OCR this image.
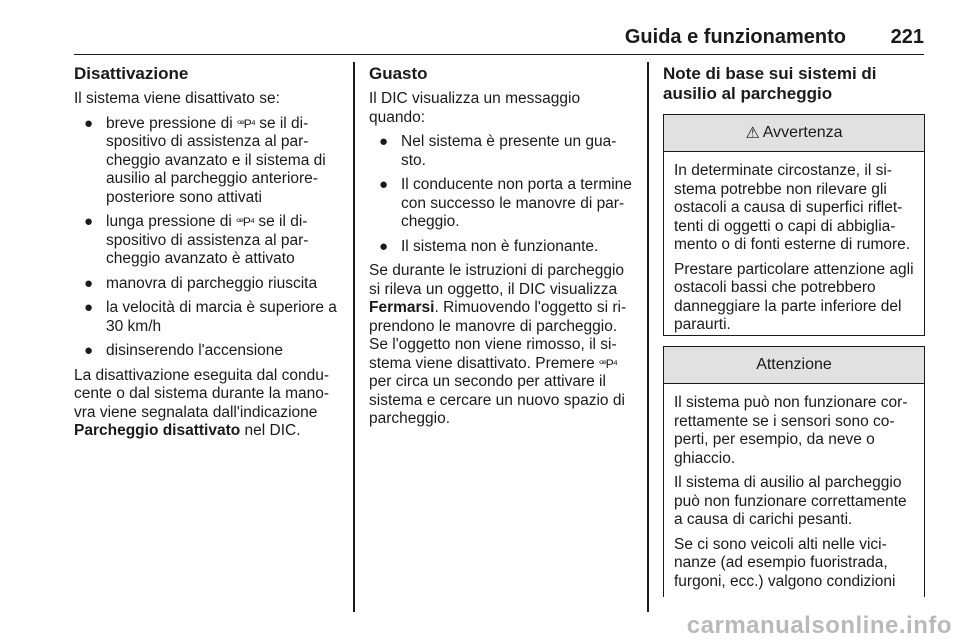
Guida e funzionamento 221
Disattivazione

Il sistema viene disattivato se:

● breve pressione di ꟹP⁴ se il di-spositivo di assistenza al par-cheggio avanzato e il sistema di ausilio al parcheggio anteriore-posteriore sono attivati
● lunga pressione di ꟹP⁴ se il di-spositivo di assistenza al par-cheggio avanzato è attivato
● manovra di parcheggio riuscita
● la velocità di marcia è superiore a 30 km/h
● disinserendo l'accensione

La disattivazione eseguita dal condu-cente o dal sistema durante la mano-vra viene segnalata dall'indicazione Parcheggio disattivato nel DIC.

Guasto

Il DIC visualizza un messaggio quando:

● Nel sistema è presente un gua-sto.
● Il conducente non porta a termine con successo le manovre di par-cheggio.
● Il sistema non è funzionante.

Se durante le istruzioni di parcheggio si rileva un oggetto, il DIC visualizza Fermarsi. Rimuovendo l'oggetto si ri-prendono le manovre di parcheggio. Se l'oggetto non viene rimosso, il si-stema viene disattivato. Premere ꟹP⁴ per circa un secondo per attivare il sistema e cercare un nuovo spazio di parcheggio.

Note di base sui sistemi di ausilio al parcheggio
⚠ Avvertenza

In determinate circostanze, il si-stema potrebbe non rilevare gli ostacoli a causa di superfici riflet-tenti di oggetti o capi di abbiglia-mento o di fonti esterne di rumore.

Prestare particolare attenzione agli ostacoli bassi che potrebbero danneggiare la parte inferiore del paraurti.

Attenzione

Il sistema può non funzionare cor-rettamente se i sensori sono co-perti, per esempio, da neve o ghiaccio.

Il sistema di ausilio al parcheggio può non funzionare correttamente a causa di carichi pesanti.

Se ci sono veicoli alti nelle vici-nanze (ad esempio fuoristrada, furgoni, ecc.) valgono condizioni

carmanualsonline.info
